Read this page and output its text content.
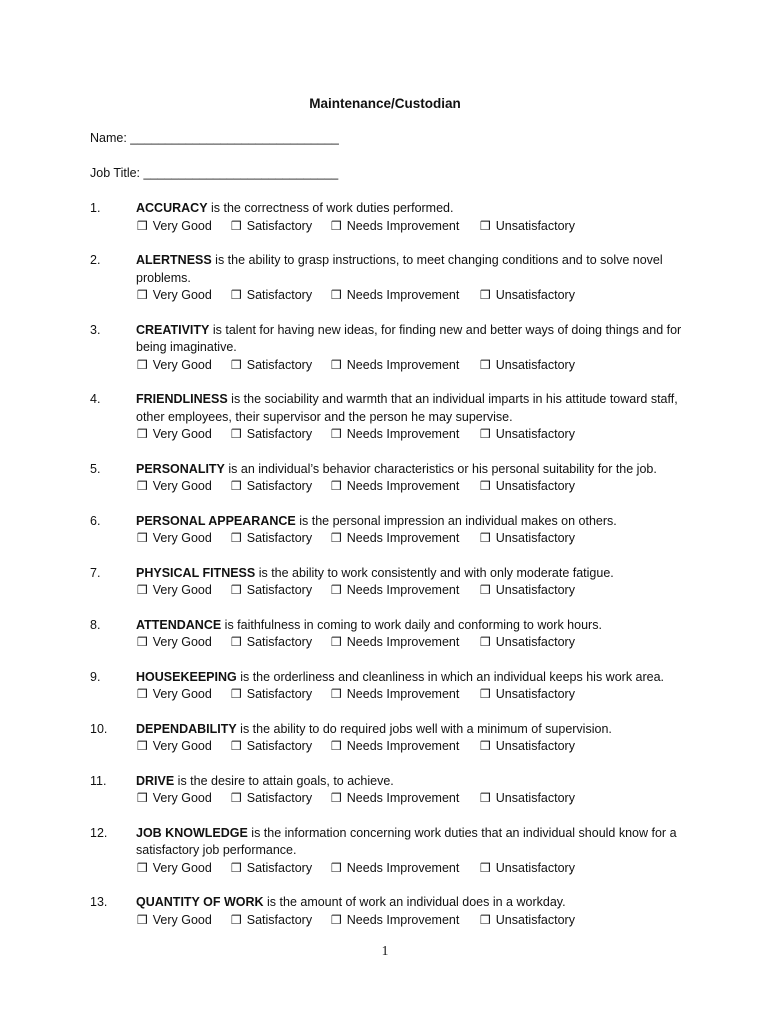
Maintenance/Custodian
Name: ______________________________
Job Title: ____________________________
1.	ACCURACY is the correctness of work duties performed.
❒ Very Good ❒ Satisfactory ❒ Needs Improvement ❒ Unsatisfactory
2.	ALERTNESS is the ability to grasp instructions, to meet changing conditions and to solve novel problems.
❒ Very Good ❒ Satisfactory ❒ Needs Improvement ❒ Unsatisfactory
3.	CREATIVITY is talent for having new ideas, for finding new and better ways of doing things and for being imaginative.
❒ Very Good ❒ Satisfactory ❒ Needs Improvement ❒ Unsatisfactory
4.	FRIENDLINESS is the sociability and warmth that an individual imparts in his attitude toward staff, other employees, their supervisor and the person he may supervise.
❒ Very Good ❒ Satisfactory ❒ Needs Improvement ❒ Unsatisfactory
5.	PERSONALITY is an individual’s behavior characteristics or his personal suitability for the job.
❒ Very Good ❒ Satisfactory ❒ Needs Improvement ❒ Unsatisfactory
6.	PERSONAL APPEARANCE is the personal impression an individual makes on others.
❒ Very Good ❒ Satisfactory ❒ Needs Improvement ❒ Unsatisfactory
7.	PHYSICAL FITNESS is the ability to work consistently and with only moderate fatigue.
❒ Very Good ❒ Satisfactory ❒ Needs Improvement ❒ Unsatisfactory
8.	ATTENDANCE is faithfulness in coming to work daily and conforming to work hours.
❒ Very Good ❒ Satisfactory ❒ Needs Improvement ❒ Unsatisfactory
9.	HOUSEKEEPING is the orderliness and cleanliness in which an individual keeps his work area.
❒ Very Good ❒ Satisfactory ❒ Needs Improvement ❒ Unsatisfactory
10.	DEPENDABILITY is the ability to do required jobs well with a minimum of supervision.
❒ Very Good ❒ Satisfactory ❒ Needs Improvement ❒ Unsatisfactory
11.	DRIVE is the desire to attain goals, to achieve.
❒ Very Good ❒ Satisfactory ❒ Needs Improvement ❒ Unsatisfactory
12.	JOB KNOWLEDGE is the information concerning work duties that an individual should know for a satisfactory job performance.
❒ Very Good ❒ Satisfactory ❒ Needs Improvement ❒ Unsatisfactory
13.	QUANTITY OF WORK is the amount of work an individual does in a workday.
❒ Very Good ❒ Satisfactory ❒ Needs Improvement ❒ Unsatisfactory
1
